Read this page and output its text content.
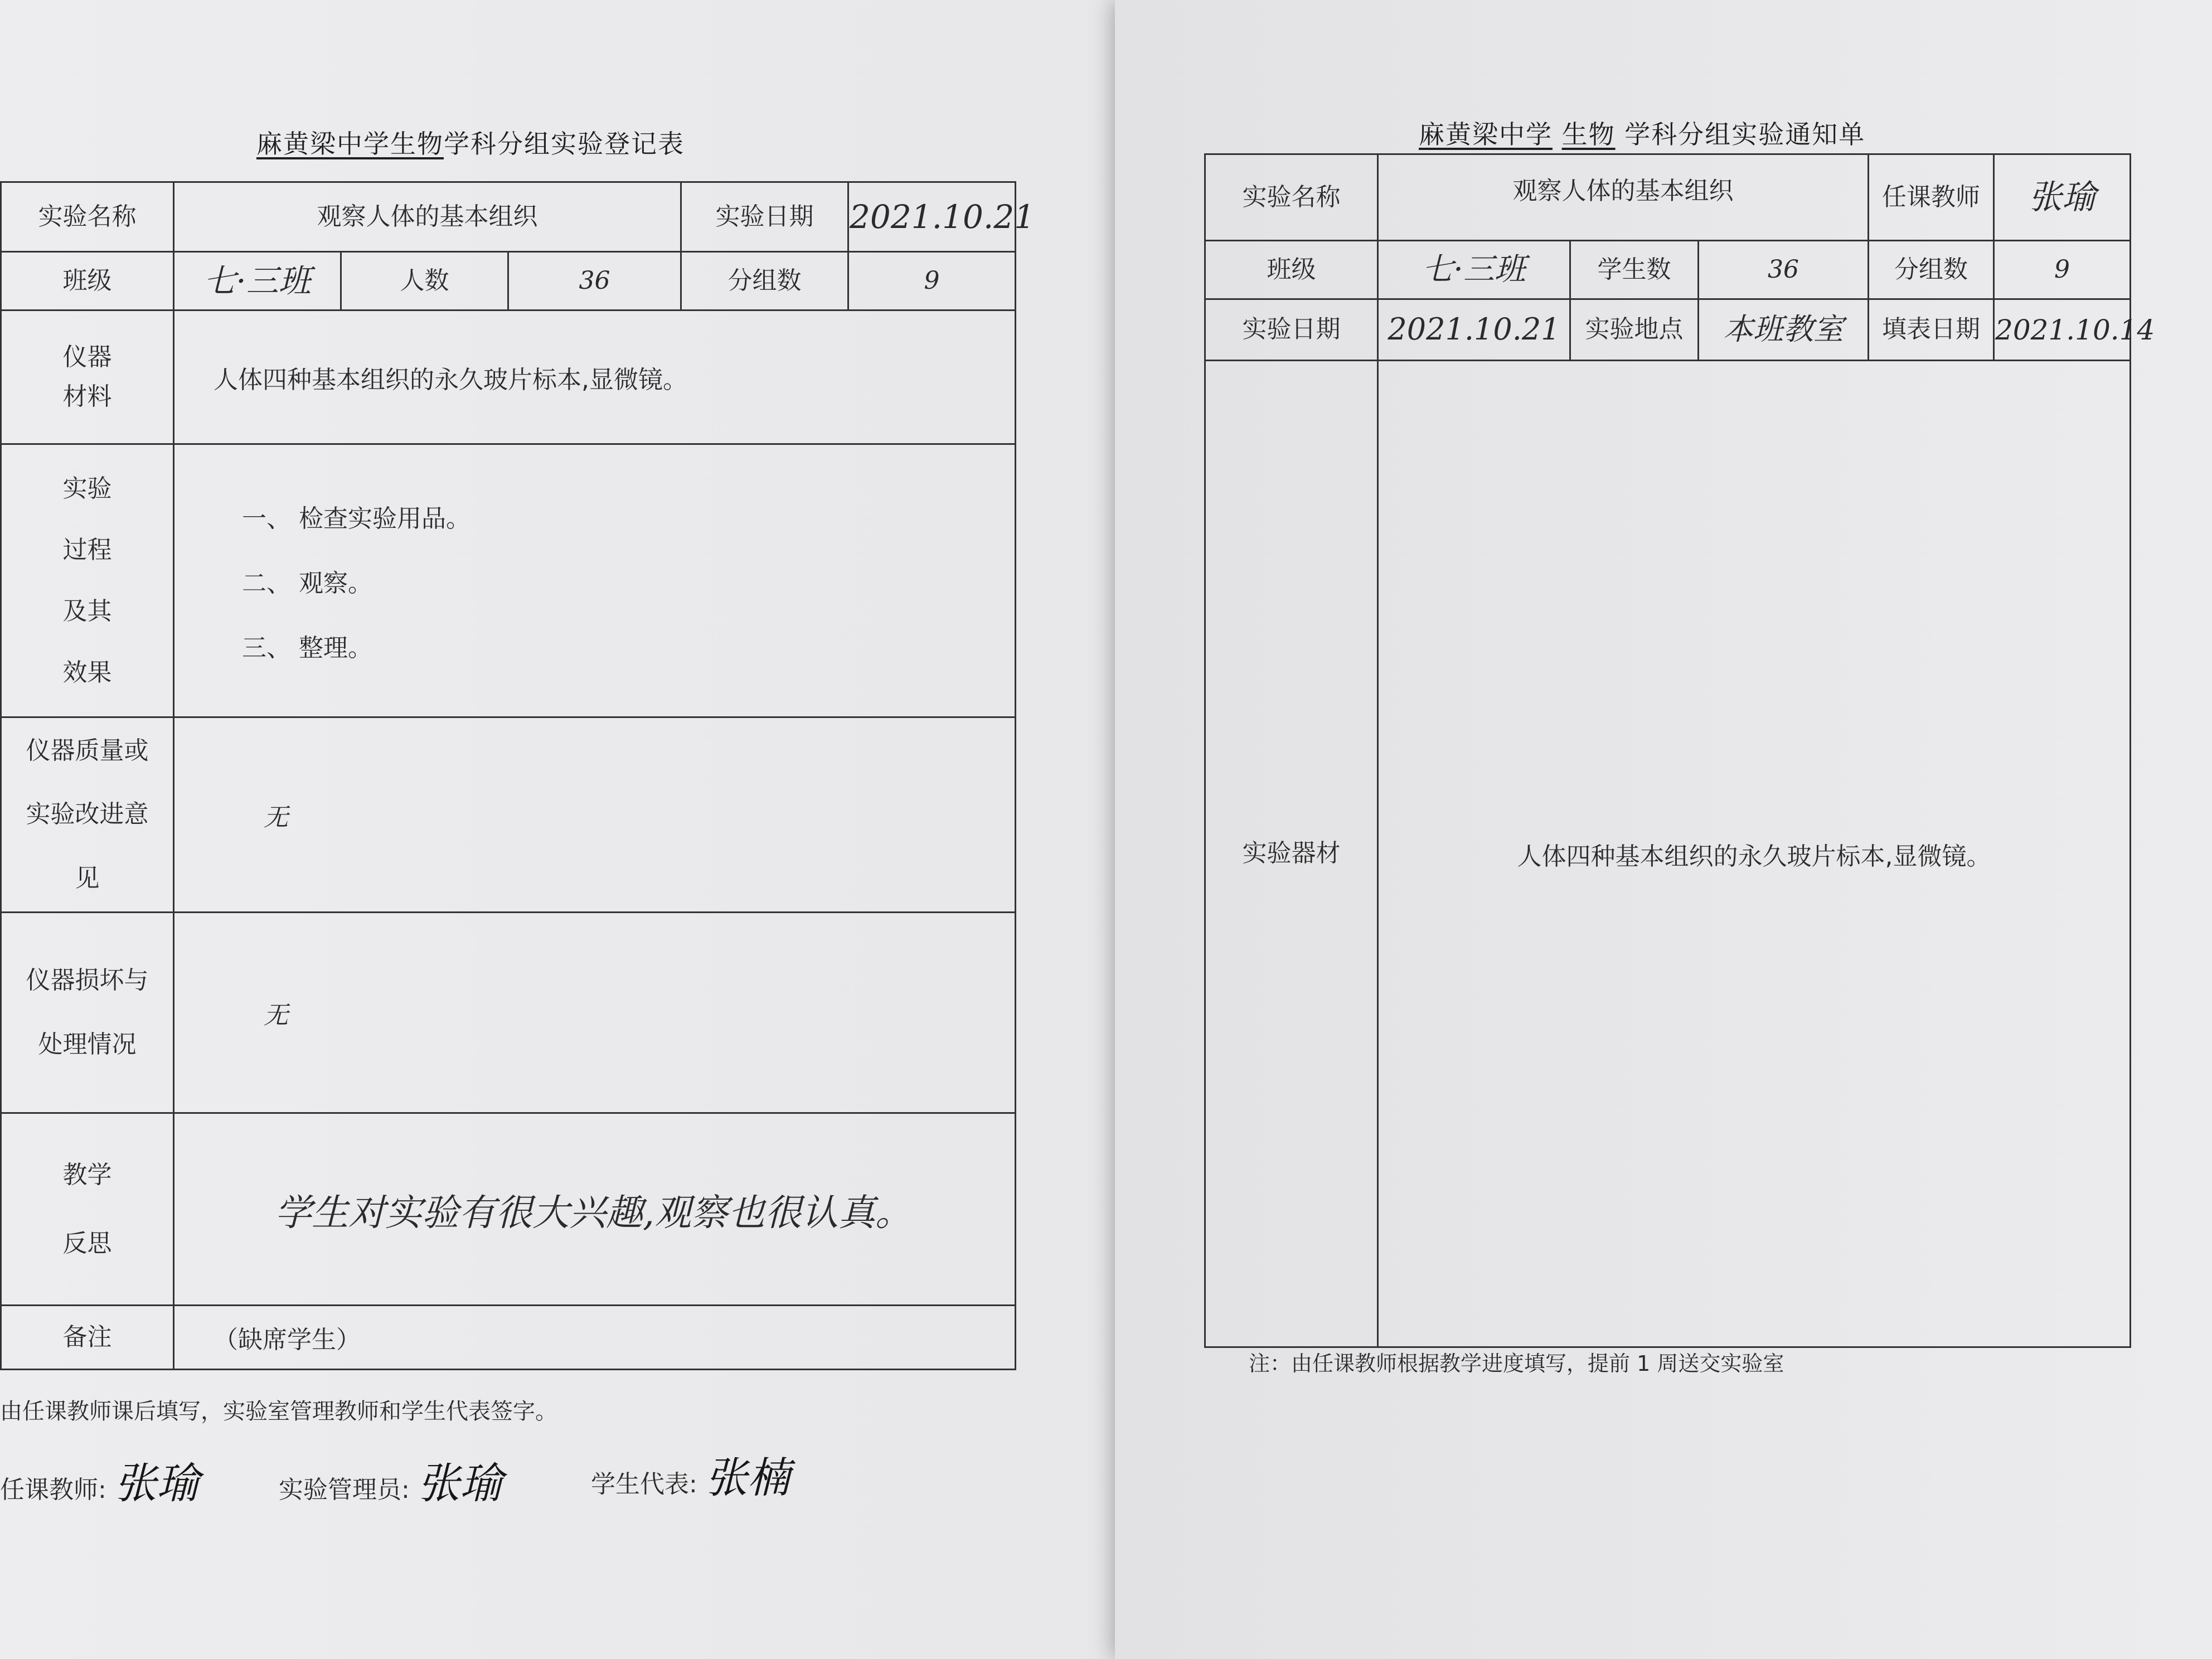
麻黄梁中学生物学科分组实验登记表
实验名称	观察人体的基本组织			实验日期	2021.10.21
班级	七·三班	人数	36	分组数	9
仪器材料	人体四种基本组织的永久玻片标本,显微镜。				
实验过程及其效果	一、 检查实验用品。
二、 观察。
三、 整理。				

仪器质量或实验改进意见	无				
仪器损坏与处理情况	无				
教学反思	学生对实验有很大兴趣,观察也很认真。				
备注	（缺席学生）				
由任课教师课后填写，实验室管理教师和学生代表签字。
任课教师: 张瑜	实验管理员: 张瑜	学生代表: 张楠
麻黄梁中学 生物 学科分组实验通知单
实验名称	观察人体的基本组织			任课教师	张瑜
班级	七·三班	学生数	36	分组数	9
实验日期	2021.10.21	实验地点	本班教室	填表日期	2021.10.14
实验器材	人体四种基本组织的永久玻片标本,显微镜。				
注：由任课教师根据教学进度填写，提前 1 周送交实验室
